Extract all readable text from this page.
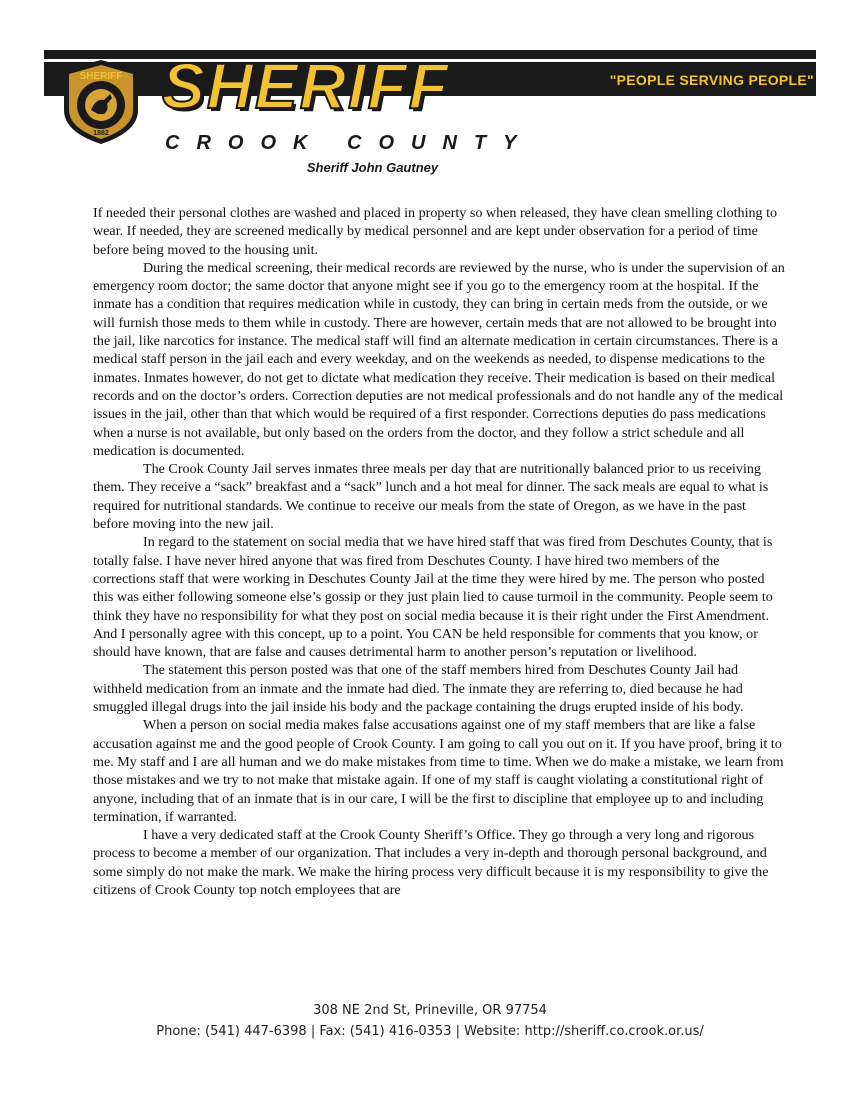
"PEOPLE SERVING PEOPLE"
SHERIFF
1882
SHERIFF
CROOK COUNTY
Sheriff John Gautney

If needed their personal clothes are washed and placed in property so when released, they have clean smelling clothing to wear. If needed, they are screened medically by medical personnel and are kept under observation for a period of time before being moved to the housing unit.

During the medical screening, their medical records are reviewed by the nurse, who is under the supervision of an emergency room doctor; the same doctor that anyone might see if you go to the emergency room at the hospital. If the inmate has a condition that requires medication while in custody, they can bring in certain meds from the outside, or we will furnish those meds to them while in custody. There are however, certain meds that are not allowed to be brought into the jail, like narcotics for instance. The medical staff will find an alternate medication in certain circumstances. There is a medical staff person in the jail each and every weekday, and on the weekends as needed, to dispense medications to the inmates. Inmates however, do not get to dictate what medication they receive. Their medication is based on their medical records and on the doctor’s orders. Correction deputies are not medical professionals and do not handle any of the medical issues in the jail, other than that which would be required of a first responder. Corrections deputies do pass medications when a nurse is not available, but only based on the orders from the doctor, and they follow a strict schedule and all medication is documented.

The Crook County Jail serves inmates three meals per day that are nutritionally balanced prior to us receiving them. They receive a “sack” breakfast and a “sack” lunch and a hot meal for dinner. The sack meals are equal to what is required for nutritional standards. We continue to receive our meals from the state of Oregon, as we have in the past before moving into the new jail.

In regard to the statement on social media that we have hired staff that was fired from Deschutes County, that is totally false. I have never hired anyone that was fired from Deschutes County. I have hired two members of the corrections staff that were working in Deschutes County Jail at the time they were hired by me. The person who posted this was either following someone else’s gossip or they just plain lied to cause turmoil in the community. People seem to think they have no responsibility for what they post on social media because it is their right under the First Amendment. And I personally agree with this concept, up to a point. You CAN be held responsible for comments that you know, or should have known, that are false and causes detrimental harm to another person’s reputation or livelihood.

The statement this person posted was that one of the staff members hired from Deschutes County Jail had withheld medication from an inmate and the inmate had died. The inmate they are referring to, died because he had smuggled illegal drugs into the jail inside his body and the package containing the drugs erupted inside of his body.

When a person on social media makes false accusations against one of my staff members that are like a false accusation against me and the good people of Crook County. I am going to call you out on it. If you have proof, bring it to me. My staff and I are all human and we do make mistakes from time to time. When we do make a mistake, we learn from those mistakes and we try to not make that mistake again. If one of my staff is caught violating a constitutional right of anyone, including that of an inmate that is in our care, I will be the first to discipline that employee up to and including termination, if warranted.

I have a very dedicated staff at the Crook County Sheriff’s Office. They go through a very long and rigorous process to become a member of our organization. That includes a very in-depth and thorough personal background, and some simply do not make the mark. We make the hiring process very difficult because it is my responsibility to give the citizens of Crook County top notch employees that are

308 NE 2nd St, Prineville, OR 97754
Phone: (541) 447-6398 | Fax: (541) 416-0353 | Website: http://sheriff.co.crook.or.us/
